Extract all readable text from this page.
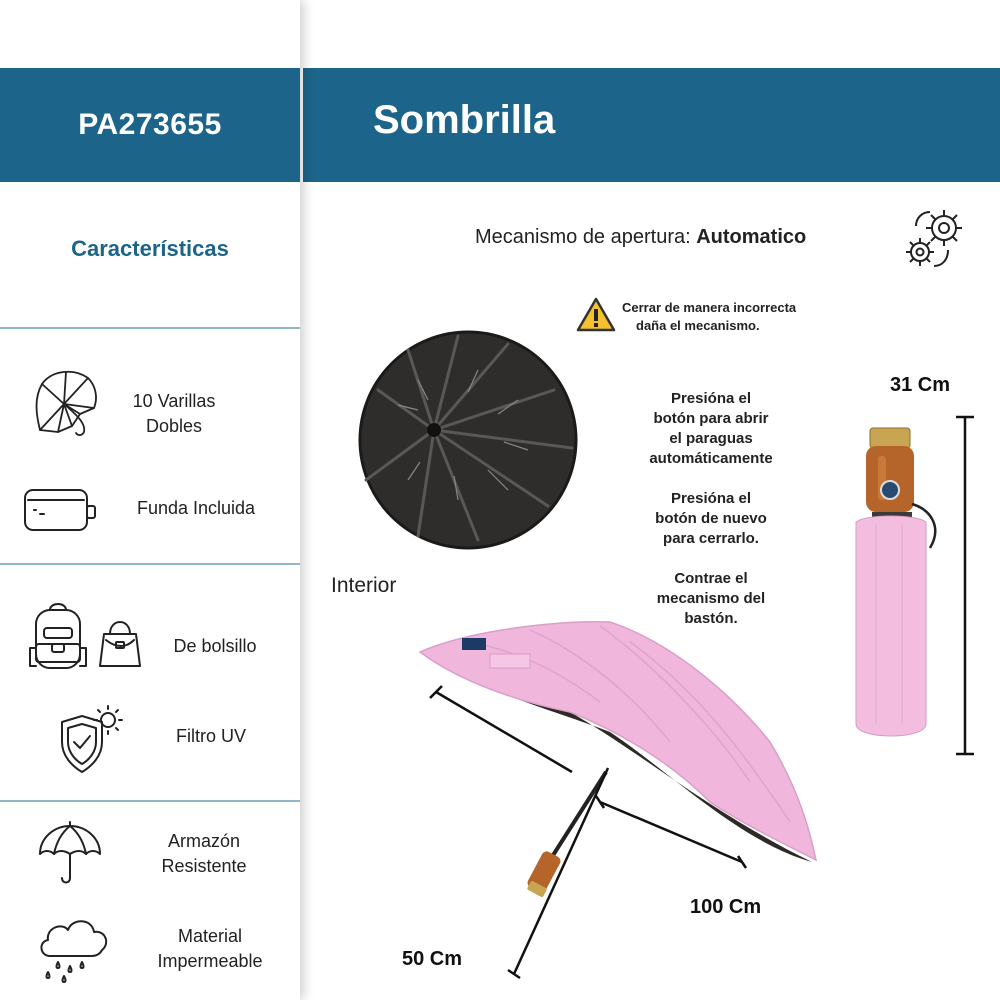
PA273655	Sombrilla
Características
10 Varillas
Dobles
Funda Incluida
De bolsillo
Filtro UV
Armazón
Resistente
Material
Impermeable
Mecanismo de apertura: Automatico
Cerrar de manera incorrecta
daña el mecanismo.
Interior
Presióna el
botón para abrir
el paraguas
automáticamente
Presióna el
botón de nuevo
para cerrarlo.
Contrae el
mecanismo del
bastón.
31 Cm
100 Cm
50 Cm
